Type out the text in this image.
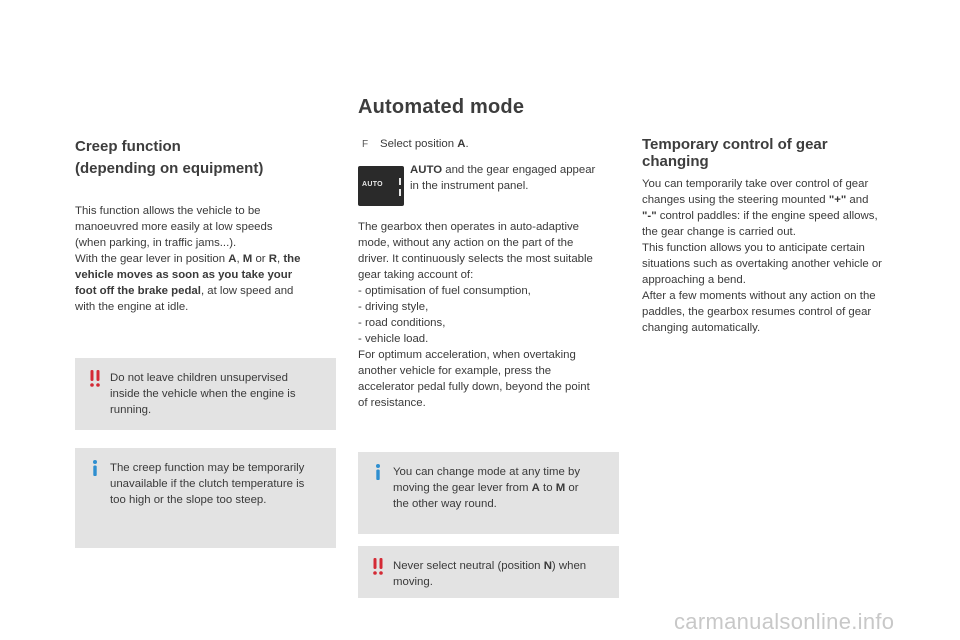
Automated mode
Creep function
(depending on equipment)
This function allows the vehicle to be
manoeuvred more easily at low speeds
(when parking, in traffic jams...).
With the gear lever in position A, M or R, the
vehicle moves as soon as you take your
foot off the brake pedal, at low speed and
with the engine at idle.
Do not leave children unsupervised
inside the vehicle when the engine is
running.
The creep function may be temporarily
unavailable if the clutch temperature is
too high or the slope too steep.
F Select position A.
AUTO
AUTO and the gear engaged appear
in the instrument panel.
The gearbox then operates in auto-adaptive
mode, without any action on the part of the
driver. It continuously selects the most suitable
gear taking account of:
- optimisation of fuel consumption,
- driving style,
- road conditions,
- vehicle load.
For optimum acceleration, when overtaking
another vehicle for example, press the
accelerator pedal fully down, beyond the point
of resistance.
You can change mode at any time by
moving the gear lever from A to M or
the other way round.
Never select neutral (position N) when
moving.
Temporary control of gear
changing
You can temporarily take over control of gear
changes using the steering mounted "+" and
"-" control paddles: if the engine speed allows,
the gear change is carried out.
This function allows you to anticipate certain
situations such as overtaking another vehicle or
approaching a bend.
After a few moments without any action on the
paddles, the gearbox resumes control of gear
changing automatically.
carmanualsonline.info
